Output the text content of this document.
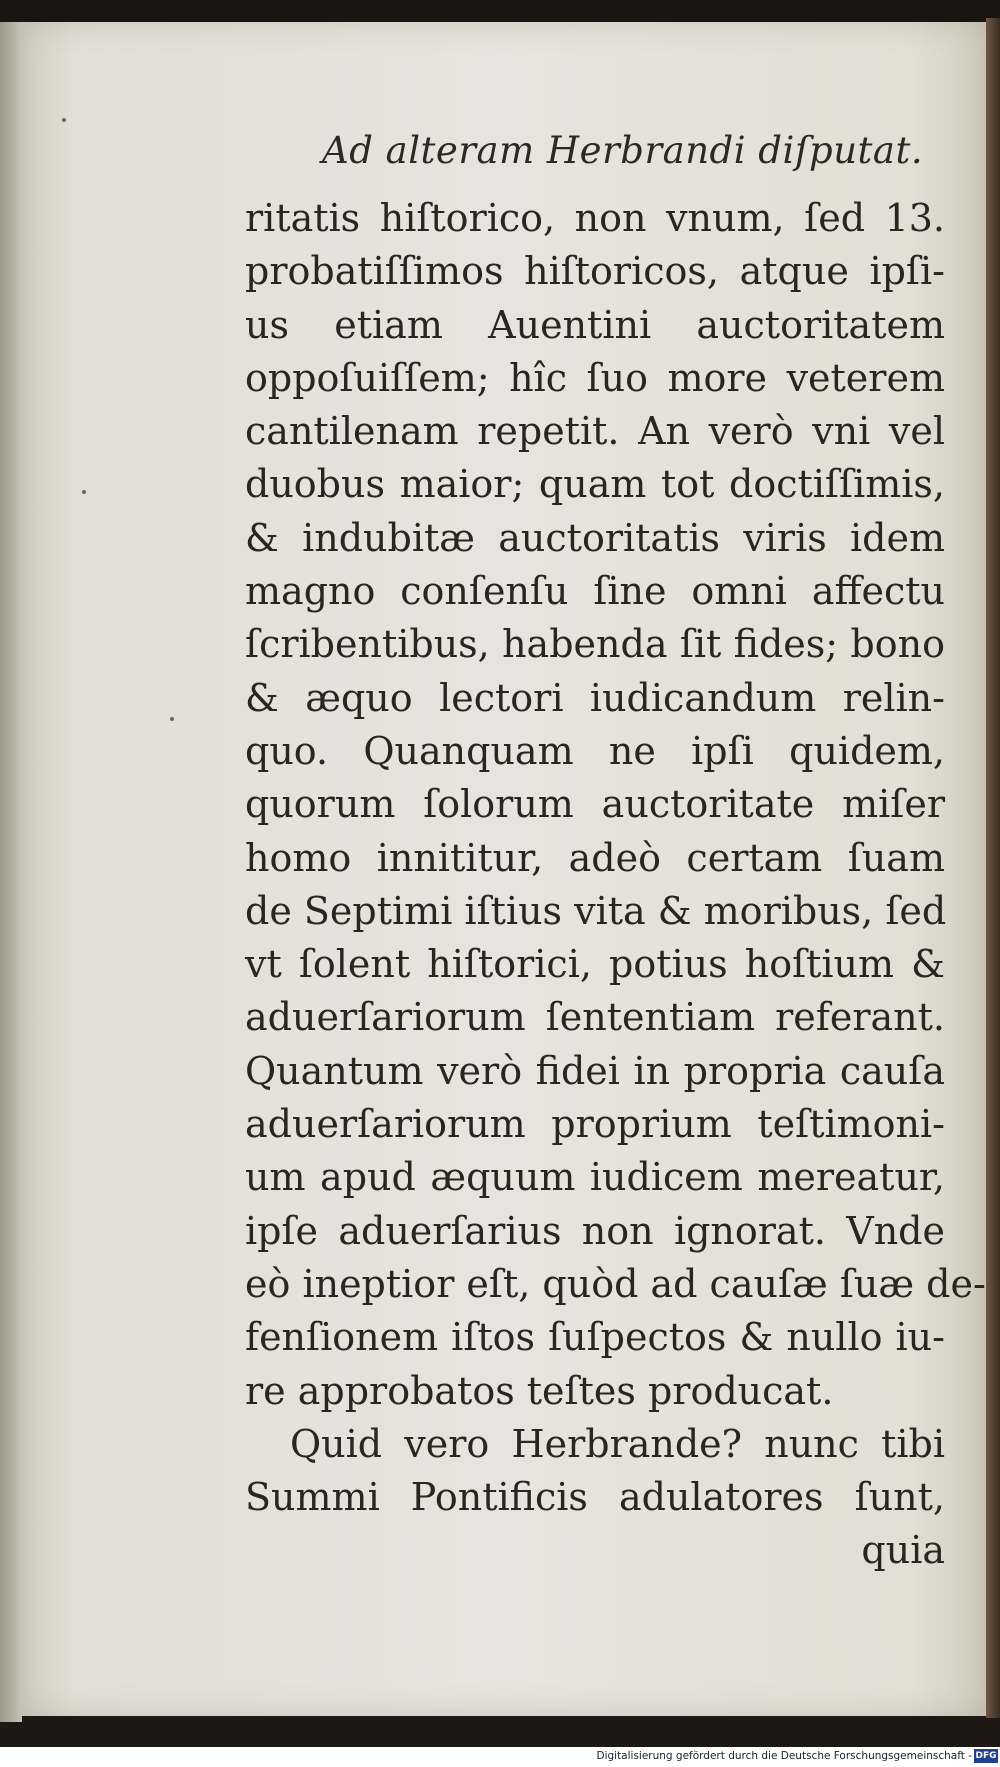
Ad alteram Herbrandi diſputat.
ritatis hiſtorico, non vnum, ſed 13.
probatiſſimos hiſtoricos, atque ipſi-
us etiam Auentini auctoritatem
oppoſuiſſem; hîc ſuo more veterem
cantilenam repetit. An verò vni vel
duobus maior; quam tot doctiſſimis,
& indubitæ auctoritatis viris idem
magno conſenſu ſine omni affectu
ſcribentibus, habenda ſit fides; bono
& æquo lectori iudicandum relin-
quo. Quanquam ne ipſi quidem,
quorum ſolorum auctoritate miſer
homo innititur, adeò certam ſuam
de Septimi iſtius vita & moribus, ſed
vt ſolent hiſtorici, potius hoſtium &
aduerſariorum ſententiam referant.
Quantum verò fidei in propria cauſa
aduerſariorum proprium teſtimoni-
um apud æquum iudicem mereatur,
ipſe aduerſarius non ignorat. Vnde
eò ineptior eſt, quòd ad cauſæ ſuæ de-
fenſionem iſtos ſuſpectos & nullo iu-
re approbatos teſtes producat.
Quid vero Herbrande? nunc tibi
Summi Pontificis adulatores ſunt,
quia
Digitalisierung gefördert durch die Deutsche Forschungsgemeinschaft - DFG
